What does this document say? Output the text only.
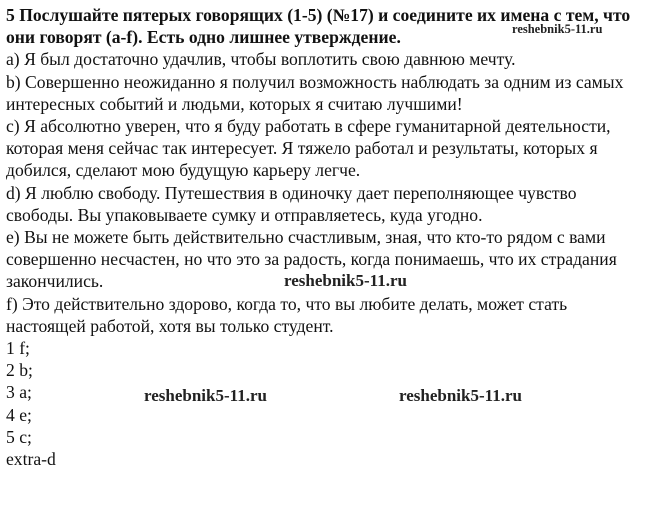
5 Послушайте пятерых говорящих (1-5) (№17) и соедините их имена с тем, что они говорят (a-f). Есть одно лишнее утверждение.

a) Я был достаточно удачлив, чтобы воплотить свою давнюю мечту.

b) Совершенно неожиданно я получил возможность наблюдать за одним из самых интересных событий и людьми, которых я считаю лучшими!

c) Я абсолютно уверен, что я буду работать в сфере гуманитарной деятельности, которая меня сейчас так интересует. Я тяжело работал и результаты, которых я добился, сделают мою будущую карьеру легче.

d) Я люблю свободу. Путешествия в одиночку дает переполняющее чувство свободы. Вы упаковываете сумку и отправляетесь, куда угодно.

e) Вы не можете быть действительно счастливым, зная, что кто-то рядом с вами совершенно несчастен, но что это за радость, когда понимаешь, что их страдания закончились.

f) Это действительно здорово, когда то, что вы любите делать, может стать настоящей работой, хотя вы только студент.

1 f;
2 b;
3 a;
4 e;
5 c;
extra-d
reshebnik5-11.ru
reshebnik5-11.ru
reshebnik5-11.ru	reshebnik5-11.ru
